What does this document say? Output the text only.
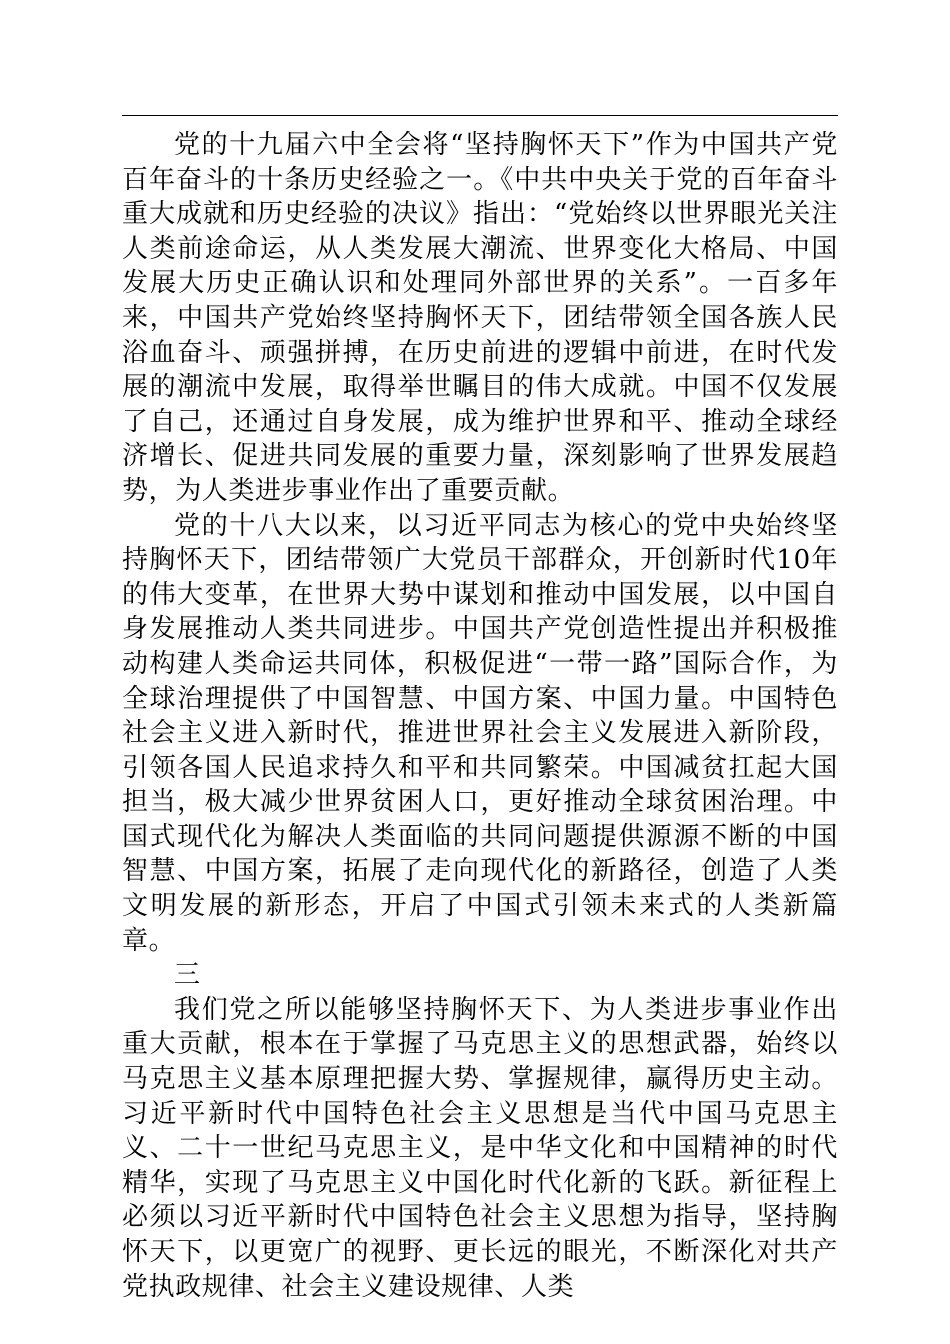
党的十九届六中全会将“坚持胸怀天下”作为中国共产党百年奋斗的十条历史经验之一。《中共中央关于党的百年奋斗重大成就和历史经验的决议》指出：“党始终以世界眼光关注人类前途命运，从人类发展大潮流、世界变化大格局、中国发展大历史正确认识和处理同外部世界的关系”。一百多年来，中国共产党始终坚持胸怀天下，团结带领全国各族人民浴血奋斗、顽强拼搏，在历史前进的逻辑中前进，在时代发展的潮流中发展，取得举世瞩目的伟大成就。中国不仅发展了自己，还通过自身发展，成为维护世界和平、推动全球经济增长、促进共同发展的重要力量，深刻影响了世界发展趋势，为人类进步事业作出了重要贡献。

党的十八大以来，以习近平同志为核心的党中央始终坚持胸怀天下，团结带领广大党员干部群众，开创新时代10年的伟大变革，在世界大势中谋划和推动中国发展，以中国自身发展推动人类共同进步。中国共产党创造性提出并积极推动构建人类命运共同体，积极促进“一带一路”国际合作，为全球治理提供了中国智慧、中国方案、中国力量。中国特色社会主义进入新时代，推进世界社会主义发展进入新阶段，引领各国人民追求持久和平和共同繁荣。中国减贫扛起大国担当，极大减少世界贫困人口，更好推动全球贫困治理。中国式现代化为解决人类面临的共同问题提供源源不断的中国智慧、中国方案，拓展了走向现代化的新路径，创造了人类文明发展的新形态，开启了中国式引领未来式的人类新篇章。

三

我们党之所以能够坚持胸怀天下、为人类进步事业作出重大贡献，根本在于掌握了马克思主义的思想武器，始终以马克思主义基本原理把握大势、掌握规律，赢得历史主动。习近平新时代中国特色社会主义思想是当代中国马克思主义、二十一世纪马克思主义，是中华文化和中国精神的时代精华，实现了马克思主义中国化时代化新的飞跃。新征程上必须以习近平新时代中国特色社会主义思想为指导，坚持胸怀天下，以更宽广的视野、更长远的眼光，不断深化对共产党执政规律、社会主义建设规律、人类
